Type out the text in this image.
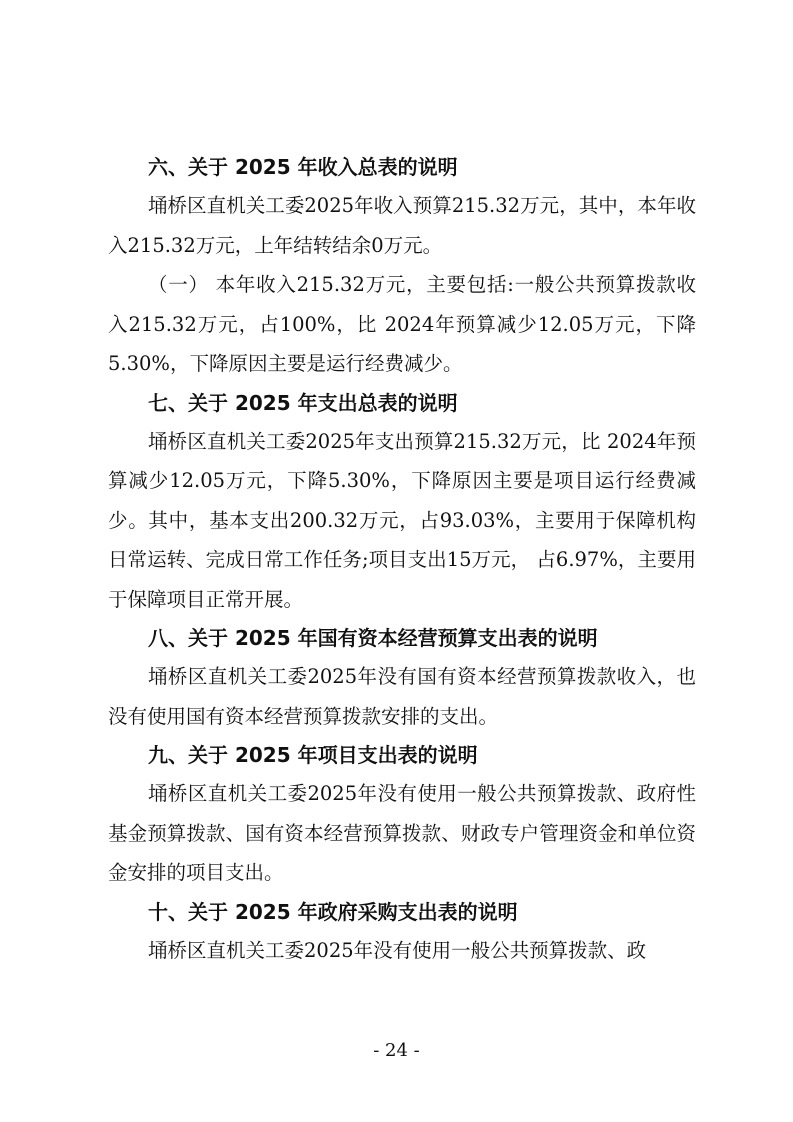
六、关于 2025 年收入总表的说明

埇桥区直机关工委2025年收入预算215.32万元，其中，本年收入215.32万元，上年结转结余0万元。

（一） 本年收入215.32万元，主要包括:一般公共预算拨款收入215.32万元，占100%，比 2024年预算减少12.05万元，下降5.30%，下降原因主要是运行经费减少。

七、关于 2025 年支出总表的说明

埇桥区直机关工委2025年支出预算215.32万元，比 2024年预算减少12.05万元，下降5.30%，下降原因主要是项目运行经费减少。其中，基本支出200.32万元，占93.03%，主要用于保障机构日常运转、完成日常工作任务;项目支出15万元， 占6.97%，主要用于保障项目正常开展。

八、关于 2025 年国有资本经营预算支出表的说明

埇桥区直机关工委2025年没有国有资本经营预算拨款收入，也没有使用国有资本经营预算拨款安排的支出。

九、关于 2025 年项目支出表的说明

埇桥区直机关工委2025年没有使用一般公共预算拨款、政府性基金预算拨款、国有资本经营预算拨款、财政专户管理资金和单位资金安排的项目支出。

十、关于 2025 年政府采购支出表的说明

埇桥区直机关工委2025年没有使用一般公共预算拨款、政

- 24 -
